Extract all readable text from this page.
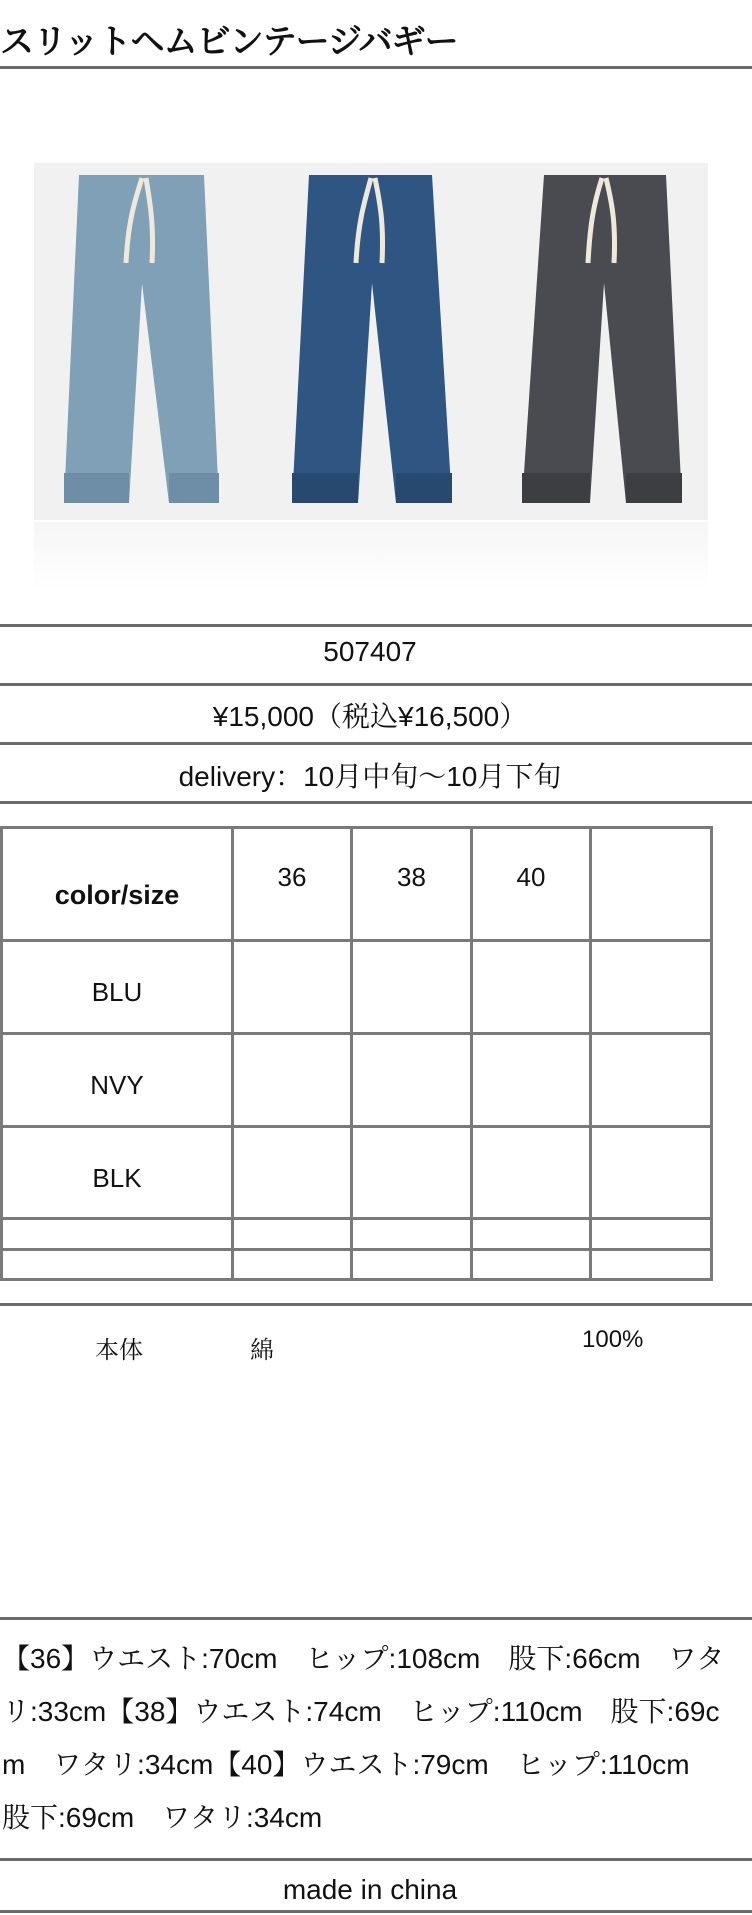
スリットヘムビンテージバギー
507407
¥15,000（税込¥16,500）
delivery：10月中旬〜10月下旬
color/size	36	38	40	
BLU				
NVY				
BLK				

本体	綿	100%
【36】ウエスト:70cm　ヒップ:108cm　股下:66cm　ワタリ:33cm【38】ウエスト:74cm　ヒップ:110cm　股下:69cm　ワタリ:34cm【40】ウエスト:79cm　ヒップ:110cm　股下:69cm　ワタリ:34cm
made in china
